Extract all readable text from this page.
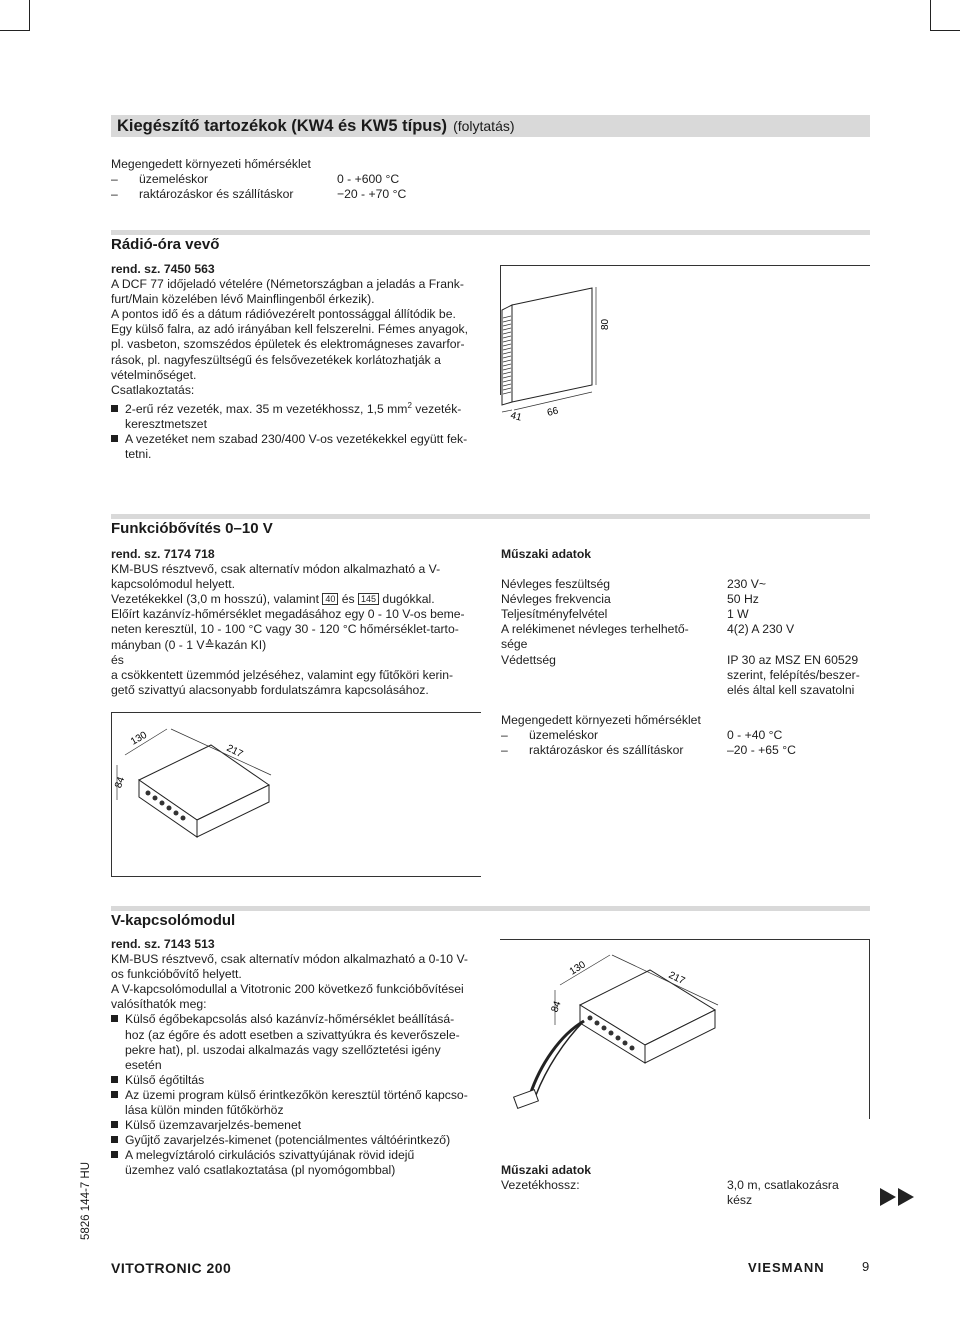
Kiegészítő tartozékok (KW4 és KW5 típus) (folytatás)

Megengedett környezeti hőmérséklet

– üzemeléskor	0 - +600 °C
– raktározáskor és szállításkor	−20 - +70 °C
Rádió-óra vevő

rend. sz. 7450 563

A DCF 77 időjeladó vételére (Németországban a jeladás a Frank-

furt/Main közelében lévő Mainflingenből érkezik).

A pontos idő és a dátum rádióvezérelt pontossággal állítódik be.

Egy külső falra, az adó irányában kell felszerelni. Fémes anyagok,

pl. vasbeton, szomszédos épületek és elektromágneses zavarfor-

rások, pl. nagyfeszültségű és felsővezetékek korlátozhatják a

vételminőséget.

Csatlakoztatás:

2-erű réz vezeték, max. 35 m vezetékhossz, 1,5 $mm^2$ vezeték-
keresztmetszet

A vezetéket nem szabad 230/400 V-os vezetékekkel együtt fek-
tetni.

80
66
41
Funkcióbővítés 0–10 V

rend. sz. 7174 718

KM-BUS résztvevő, csak alternatív módon alkalmazható a V-

kapcsolómodul helyett.

Vezetékekkel (3,0 m hosszú), valamint 40 és 145 dugókkal.

Előírt kazánvíz-hőmérséklet megadásához egy 0 - 10 V-os beme-

neten keresztül, 10 - 100 °C vagy 30 - 120 °C hőmérséklet-tarto-

mányban (0 - 1 V≙kazán KI)

és

a csökkentett üzemmód jelzéséhez, valamint egy fűtőköri kerin-

gető szivattyú alacsonyabb fordulatszámra kapcsolásához.

130
217
84

Műszaki adatok

Névleges feszültség	230 V~
Névleges frekvencia	50 Hz
Teljesítményfelvétel	1 W
A relékimenet névleges terhelhető-	4(2) A 230 V
sége
Védettség	IP 30 az MSZ EN 60529
szerint, felépítés/beszer-
elés által kell szavatolni

Megengedett környezeti hőmérséklet

– üzemeléskor	0 - +40 °C
– raktározáskor és szállításkor	–20 - +65 °C
V-kapcsolómodul

rend. sz. 7143 513

KM-BUS résztvevő, csak alternatív módon alkalmazható a 0-10 V-

os funkcióbővítő helyett.

A V-kapcsolómodullal a Vitotronic 200 következő funkcióbővítései

valósíthatók meg:

Külső égőbekapcsolás alsó kazánvíz-hőmérséklet beállításá-
hoz (az égőre és adott esetben a szivattyúkra és keverőszele-
pekre hat), pl. uszodai alkalmazás vagy szellőztetési igény
esetén

Külső égőtiltás

Az üzemi program külső érintkezőkön keresztül történő kapcso-
lása külön minden fűtőkörhöz

Külső üzemzavarjelzés-bemenet

Gyűjtő zavarjelzés-kimenet (potenciálmentes váltóérintkező)

A melegvíztároló cirkulációs szivattyújának rövid idejű
üzemhez való csatlakoztatása (pl nyomógombbal)

130
217
84

Műszaki adatok

Vezetékhossz:	3,0 m, csatlakozásra
kész
5826 144-7 HU
VITOTRONIC 200	VIESMANN	9
